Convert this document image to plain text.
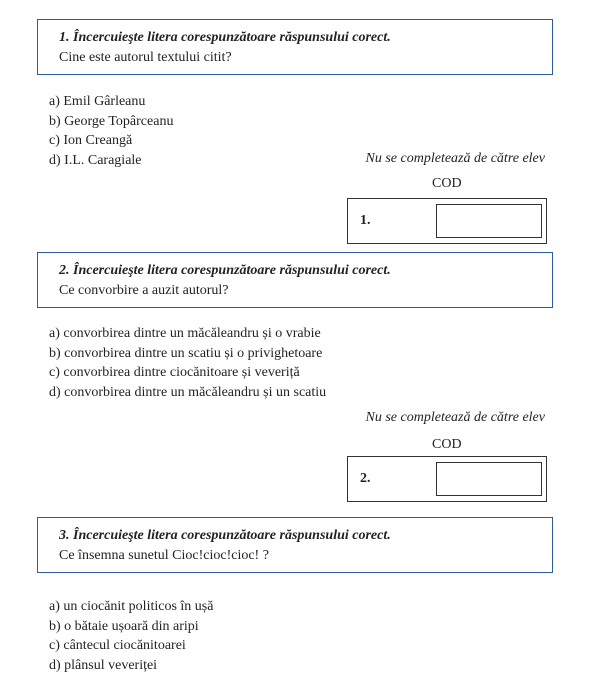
1. Încercuieşte litera corespunzătoare răspunsului corect.

Cine este autorul textului citit?

a) Emil Gârleanu
b) George Topârceanu
c) Ion Creangă
d) I.L. Caragiale	Nu se completează de către elev
COD
1.

2. Încercuieşte litera corespunzătoare răspunsului corect.

Ce convorbire a auzit autorul?

a) convorbirea dintre un măcăleandru și o vrabie
b) convorbirea dintre un scatiu și o privighetoare
c) convorbirea dintre ciocănitoare și veveriță
d) convorbirea dintre un măcăleandru și un scatiu
Nu se completează de către elev
COD
2.

3. Încercuieşte litera corespunzătoare răspunsului corect.

Ce însemna sunetul Cioc!cioc!cioc! ?

a) un ciocănit politicos în ușă
b) o bătaie ușoară din aripi
c) cântecul ciocănitoarei
d) plânsul veveriței
